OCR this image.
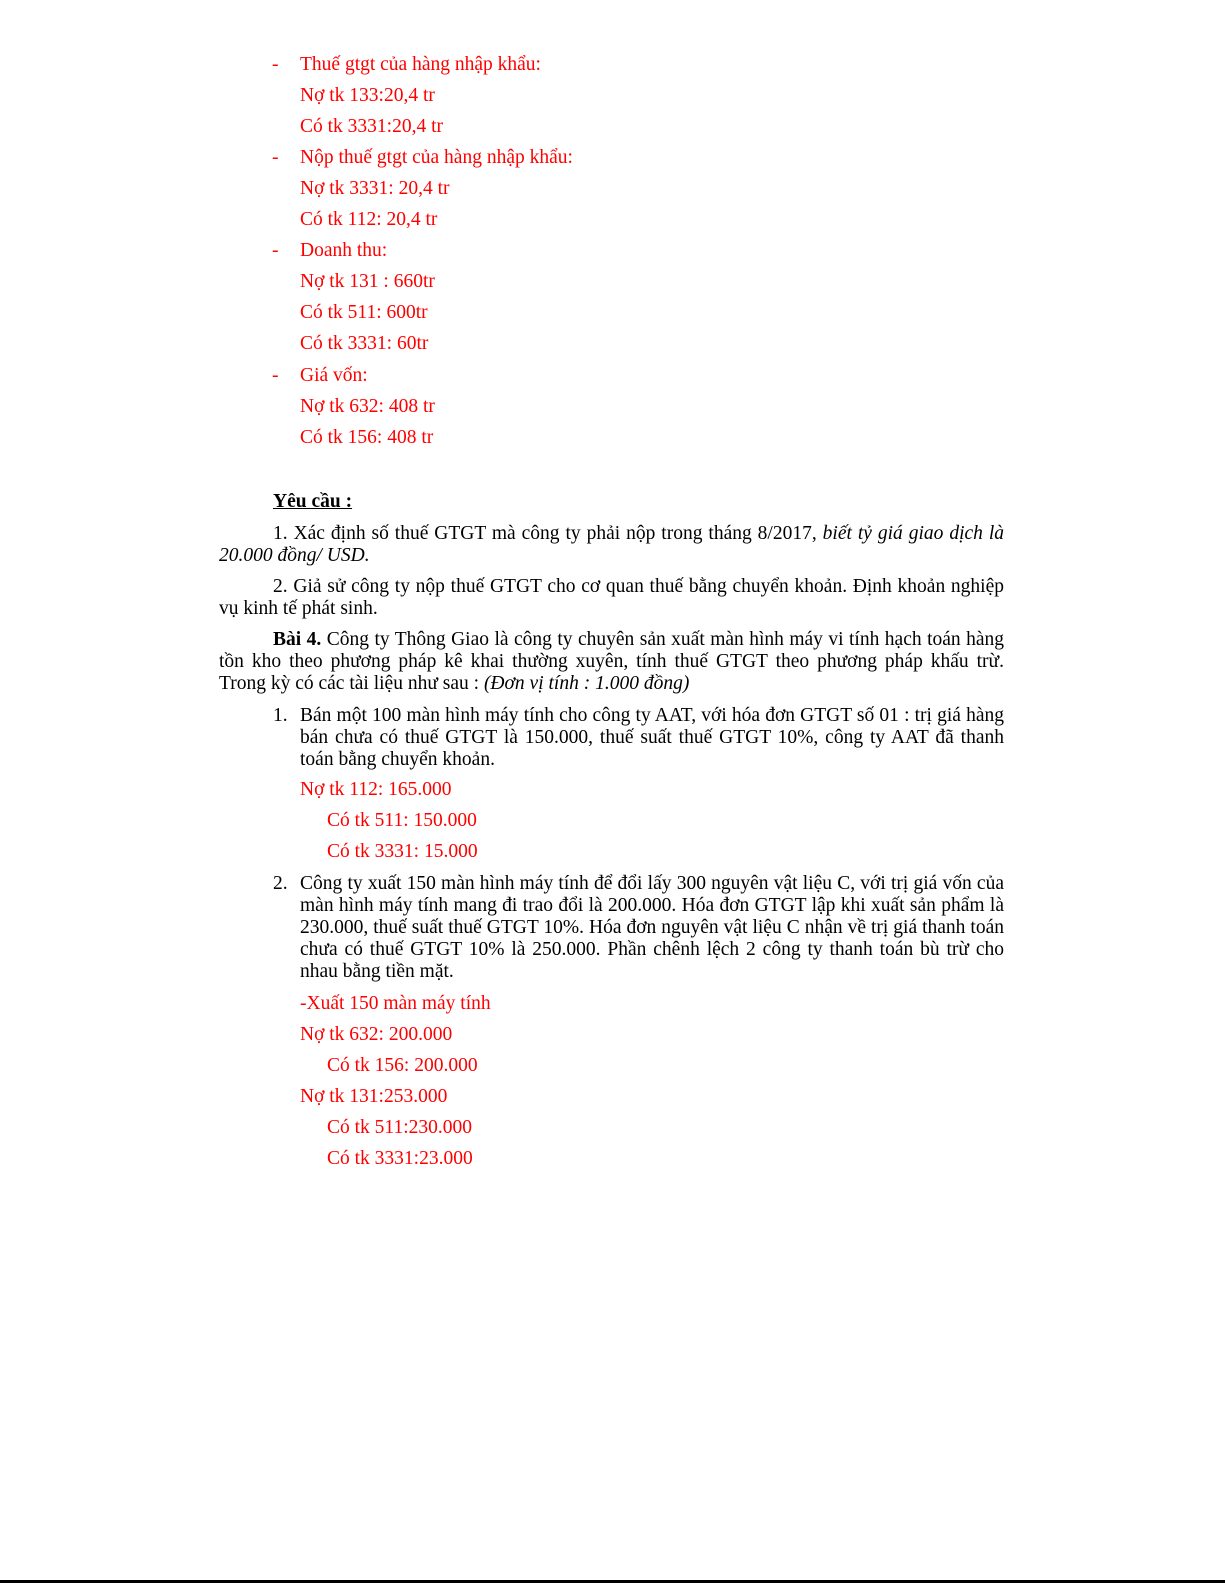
- Thuế gtgt của hàng nhập khẩu:
Nợ tk 133:20,4 tr
Có tk 3331:20,4 tr
- Nộp thuế gtgt của hàng nhập khẩu:
Nợ tk 3331: 20,4 tr
Có tk 112: 20,4 tr
- Doanh thu:
Nợ tk 131 : 660tr
Có tk 511: 600tr
Có tk 3331: 60tr
- Giá vốn:
Nợ tk 632: 408 tr
Có tk 156: 408 tr
Yêu cầu :
1. Xác định số thuế GTGT mà công ty phải nộp trong tháng 8/2017, biết tỷ giá giao dịch là 20.000 đồng/ USD.
2. Giả sử công ty nộp thuế GTGT cho cơ quan thuế bằng chuyển khoản. Định khoản nghiệp vụ kinh tế phát sinh.
Bài 4. Công ty Thông Giao là công ty chuyên sản xuất màn hình máy vi tính hạch toán hàng tồn kho theo phương pháp kê khai thường xuyên, tính thuế GTGT theo phương pháp khấu trừ. Trong kỳ có các tài liệu như sau : (Đơn vị tính : 1.000 đồng)
1. Bán một 100 màn hình máy tính cho công ty AAT, với hóa đơn GTGT số 01 : trị giá hàng bán chưa có thuế GTGT là 150.000, thuế suất thuế GTGT 10%, công ty AAT đã thanh toán bằng chuyển khoản.
Nợ tk 112: 165.000
Có tk 511: 150.000
Có tk 3331: 15.000
2. Công ty xuất 150 màn hình máy tính để đổi lấy 300 nguyên vật liệu C, với trị giá vốn của màn hình máy tính mang đi trao đổi là 200.000. Hóa đơn GTGT lập khi xuất sản phẩm là 230.000, thuế suất thuế GTGT 10%. Hóa đơn nguyên vật liệu C nhận về trị giá thanh toán chưa có thuế GTGT 10% là 250.000. Phần chênh lệch 2 công ty thanh toán bù trừ cho nhau bằng tiền mặt.
-Xuất 150 màn máy tính
Nợ tk 632: 200.000
Có tk 156: 200.000
Nợ tk 131:253.000
Có tk 511:230.000
Có tk 3331:23.000
